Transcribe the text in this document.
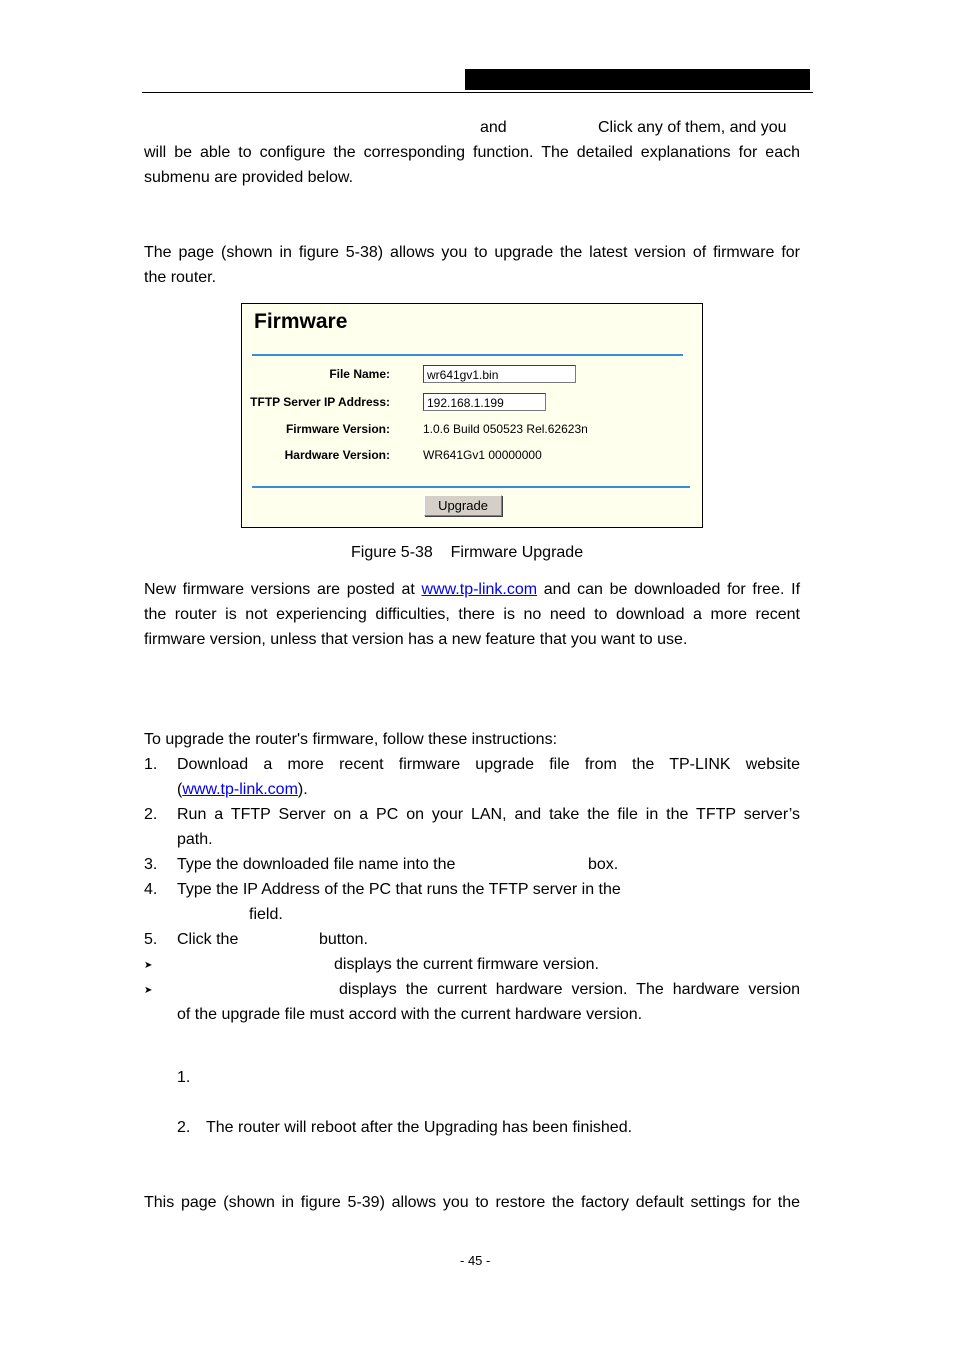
and	Click any of them, and you
will be able to configure the corresponding function. The detailed explanations for each
submenu are provided below.
The page (shown in figure 5-38) allows you to upgrade the latest version of firmware for
the router.
Firmware
File Name:	wr641gv1.bin
TFTP Server IP Address:	192.168.1.199
Firmware Version:	1.0.6 Build 050523 Rel.62623n
Hardware Version:	WR641Gv1 00000000
Upgrade
Figure 5-38    Firmware Upgrade
New firmware versions are posted at www.tp-link.com and can be downloaded for free. If
the router is not experiencing difficulties, there is no need to download a more recent
firmware version, unless that version has a new feature that you want to use.
To upgrade the router's firmware, follow these instructions:
1. Download a more recent firmware upgrade file from the TP-LINK website
(www.tp-link.com).
2. Run a TFTP Server on a PC on your LAN, and take the file in the TFTP server’s
path.
3. Type the downloaded file name into the	box.
4. Type the IP Address of the PC that runs the TFTP server in the
field.
5. Click the	button.
➤	displays the current firmware version.
➤	displays the current hardware version. The hardware version
of the upgrade file must accord with the current hardware version.
1.
2. The router will reboot after the Upgrading has been finished.
This page (shown in figure 5-39) allows you to restore the factory default settings for the
- 45 -
